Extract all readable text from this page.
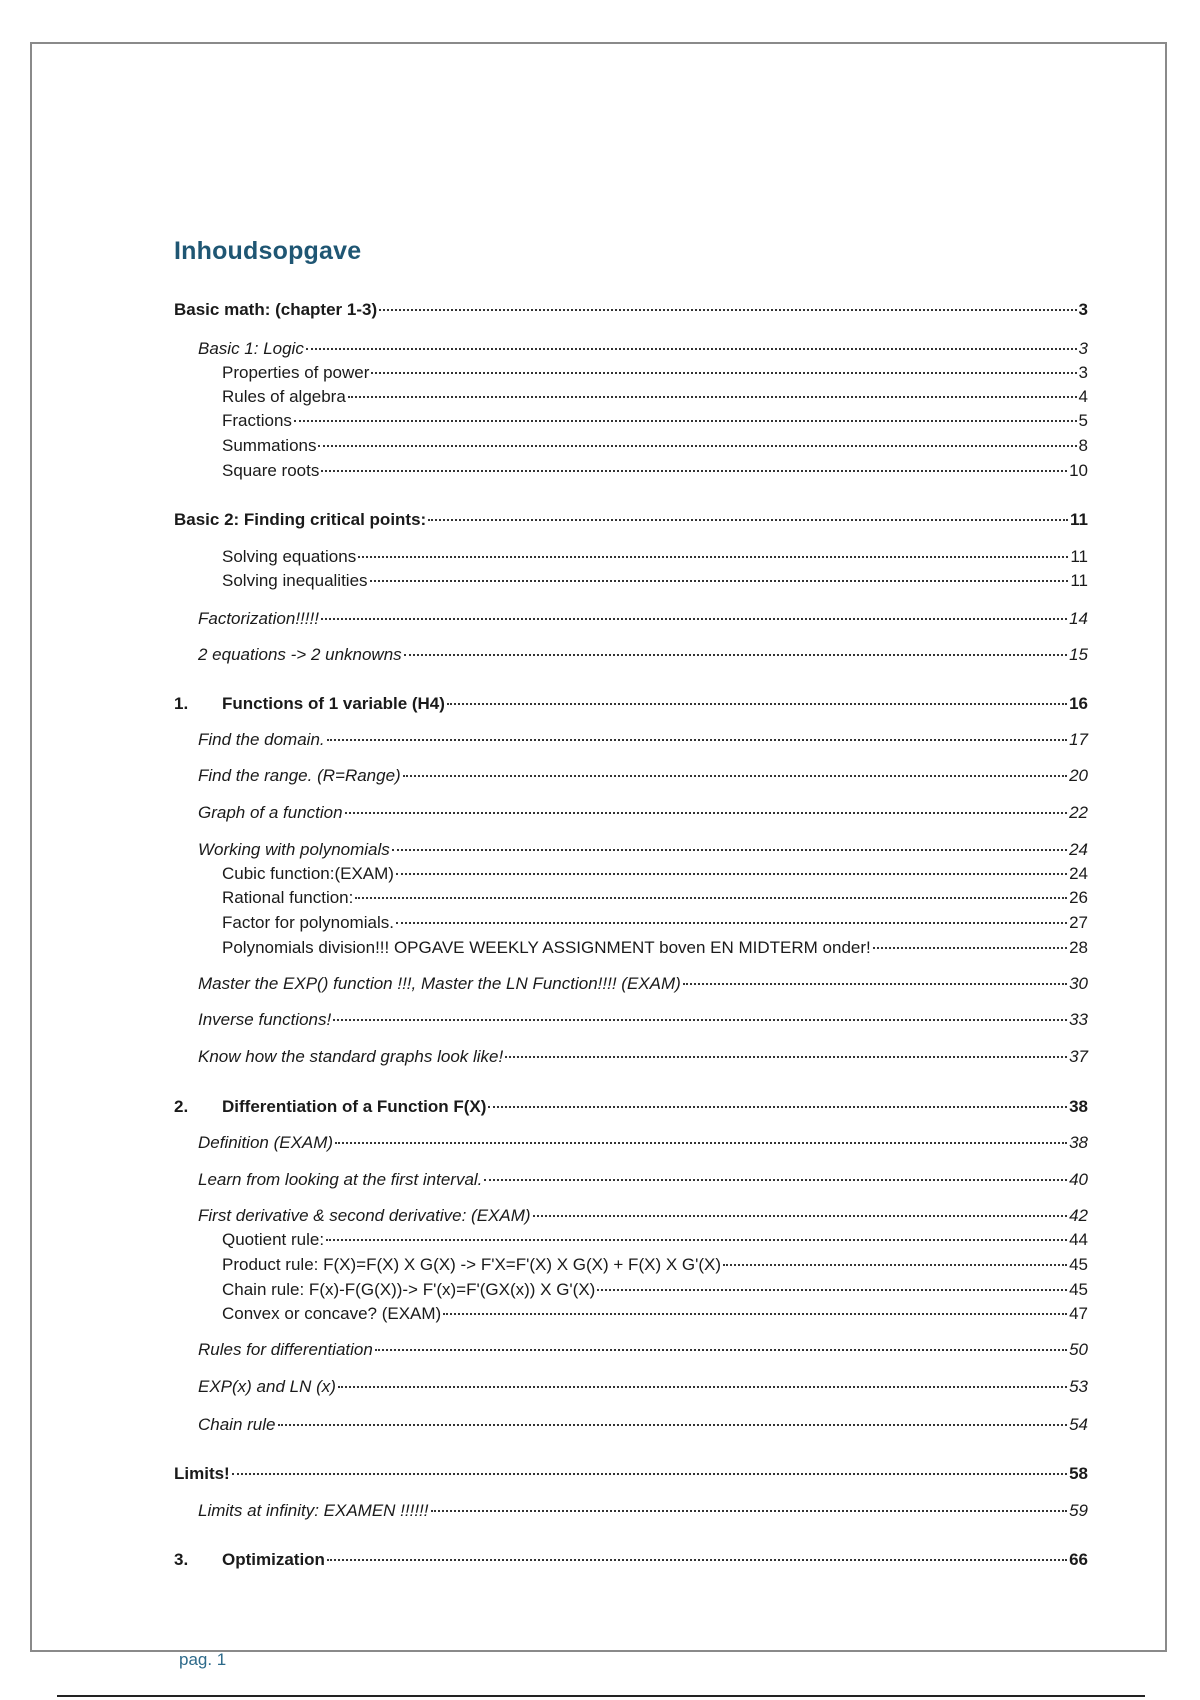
Inhoudsopgave
Basic math: (chapter 1-3)	3
Basic 1: Logic	3
Properties of power	3
Rules of algebra	4
Fractions	5
Summations	8
Square roots	10
Basic 2: Finding critical points:	11
Solving equations	11
Solving inequalities	11
Factorization!!!!!	14
2 equations -> 2 unknowns	15
1.	Functions of 1 variable (H4)	16
Find the domain.	17
Find the range. (R=Range)	20
Graph of a function	22
Working with polynomials	24
Cubic function:(EXAM)	24
Rational function:	26
Factor for polynomials.	27
Polynomials division!!! OPGAVE WEEKLY ASSIGNMENT boven EN MIDTERM onder!	28
Master the EXP() function !!!, Master the LN Function!!!! (EXAM)	30
Inverse functions!	33
Know how the standard graphs look like!	37
2.	Differentiation of a Function F(X)	38
Definition (EXAM)	38
Learn from looking at the first interval.	40
First derivative & second derivative: (EXAM)	42
Quotient rule:	44
Product rule: F(X)=F(X) X G(X) -> F'X=F'(X) X G(X) + F(X) X G'(X)	45
Chain rule: F(x)-F(G(X))-> F'(x)=F'(GX(x)) X G'(X)	45
Convex or concave? (EXAM)	47
Rules for differentiation	50
EXP(x) and LN (x)	53
Chain rule	54
Limits!	58
Limits at infinity: EXAMEN !!!!!!	59
3.	Optimization	66
pag. 1
